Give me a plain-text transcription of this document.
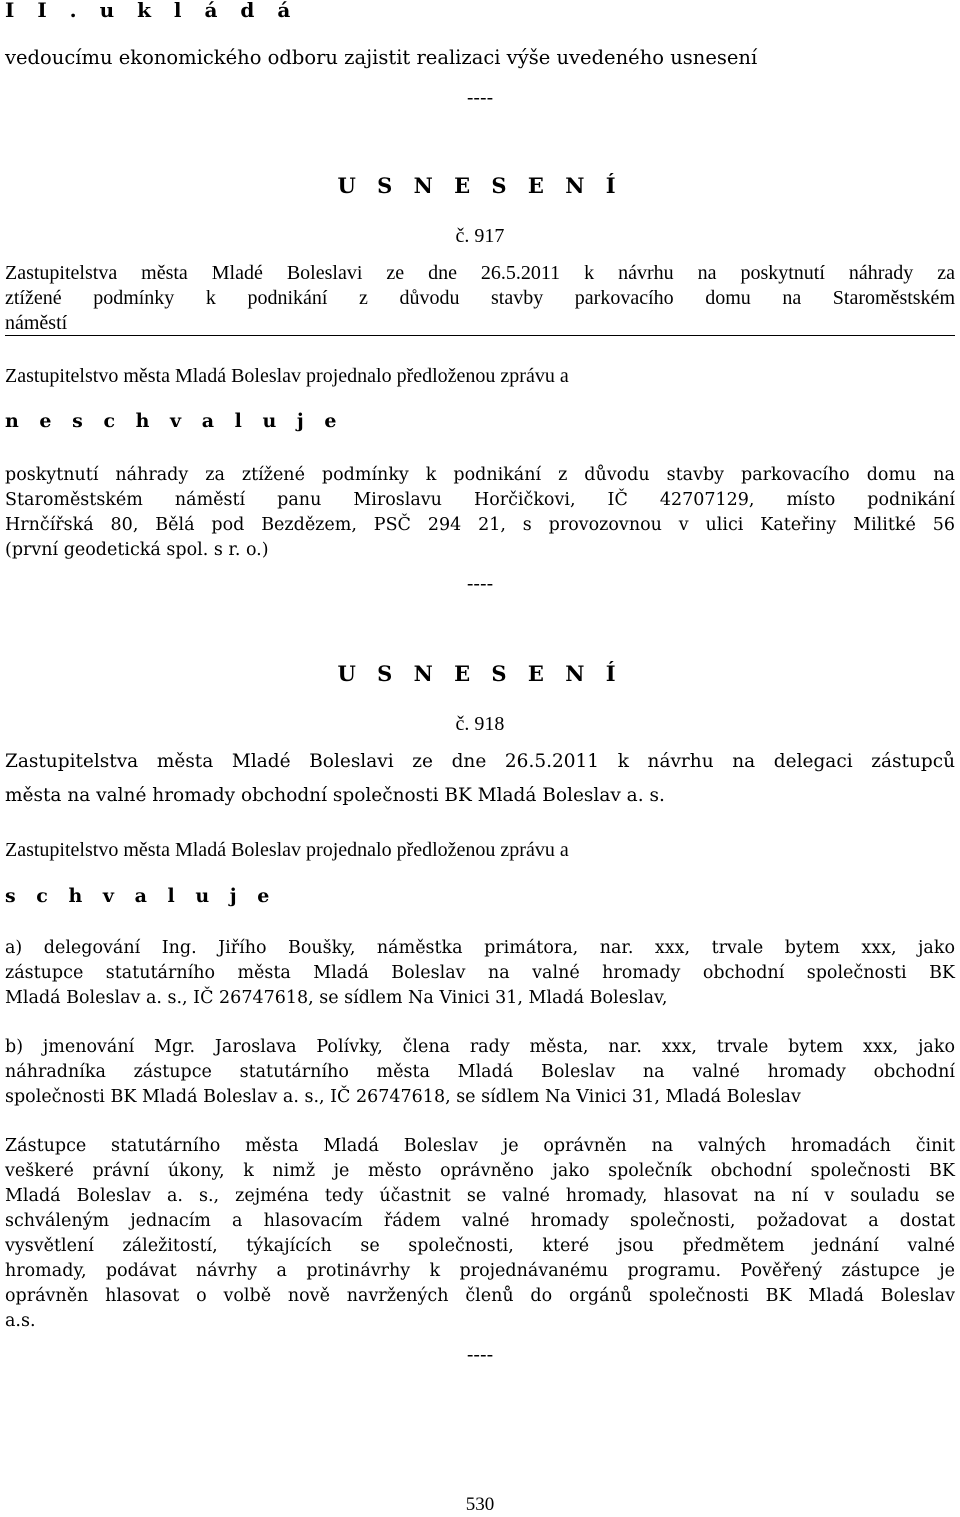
I I . u k l á d á

vedoucímu ekonomického odboru zajistit realizaci výše uvedeného usnesení

----

U S N E S E N Í

č. 917

Zastupitelstva města Mladé Boleslavi ze dne 26.5.2011 k návrhu na poskytnutí náhrady za

ztížené podmínky k podnikání z důvodu stavby parkovacího domu na Staroměstském

náměstí

Zastupitelstvo města Mladá Boleslav projednalo předloženou zprávu a

n e s c h v a l u j e

poskytnutí náhrady za ztížené podmínky k podnikání z důvodu stavby parkovacího domu na

Staroměstském náměstí panu Miroslavu Horčičkovi, IČ 42707129, místo podnikání

Hrnčířská 80, Bělá pod Bezdězem, PSČ 294 21, s provozovnou v ulici Kateřiny Militké 56

(první geodetická spol. s r. o.)

----

U S N E S E N Í

č. 918

Zastupitelstva města Mladé Boleslavi ze dne 26.5.2011 k návrhu na delegaci zástupců

města na valné hromady obchodní společnosti BK Mladá Boleslav a. s.

Zastupitelstvo města Mladá Boleslav projednalo předloženou zprávu a

s c h v a l u j e

a) delegování Ing. Jiřího Boušky, náměstka primátora, nar. xxx, trvale bytem xxx, jako

zástupce statutárního města Mladá Boleslav na valné hromady obchodní společnosti BK

Mladá Boleslav a. s., IČ 26747618, se sídlem Na Vinici 31, Mladá Boleslav,

b) jmenování Mgr. Jaroslava Polívky, člena rady města, nar. xxx, trvale bytem xxx, jako

náhradníka zástupce statutárního města Mladá Boleslav na valné hromady obchodní

společnosti BK Mladá Boleslav a. s., IČ 26747618, se sídlem Na Vinici 31, Mladá Boleslav

Zástupce statutárního města Mladá Boleslav je oprávněn na valných hromadách činit

veškeré právní úkony, k nimž je město oprávněno jako společník obchodní společnosti BK

Mladá Boleslav a. s., zejména tedy účastnit se valné hromady, hlasovat na ní v souladu se

schváleným jednacím a hlasovacím řádem valné hromady společnosti, požadovat a dostat

vysvětlení záležitostí, týkajících se společnosti, které jsou předmětem jednání valné

hromady, podávat návrhy a protinávrhy k projednávanému programu. Pověřený zástupce je

oprávněn hlasovat o volbě nově navržených členů do orgánů společnosti BK Mladá Boleslav

a.s.

----

530
